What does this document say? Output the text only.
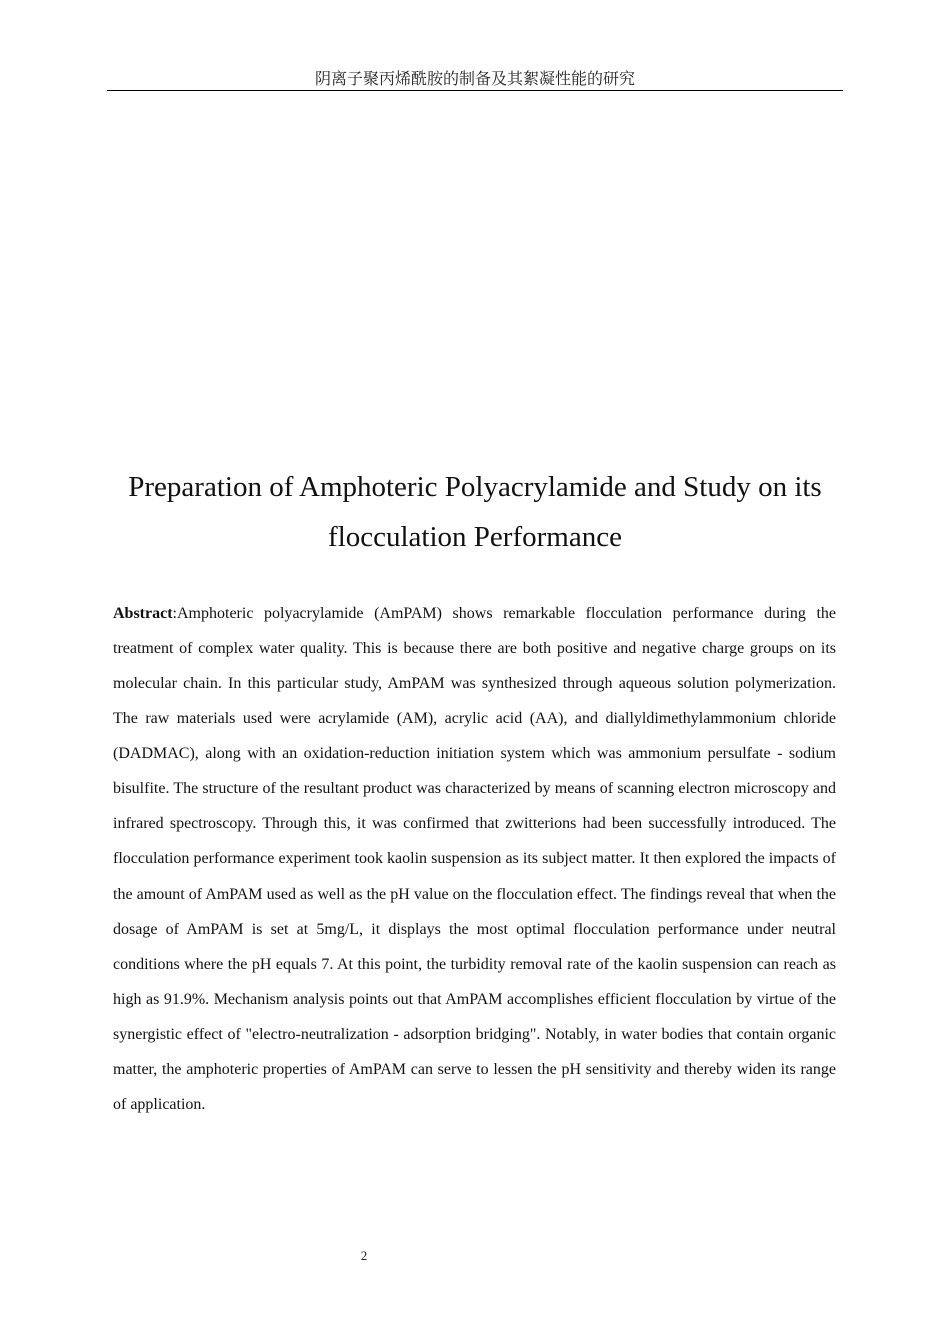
阴离子聚丙烯酰胺的制备及其絮凝性能的研究
Preparation of Amphoteric Polyacrylamide and Study on its
flocculation Performance
Abstract:Amphoteric polyacrylamide (AmPAM) shows remarkable flocculation performance during the treatment of complex water quality. This is because there are both positive and negative charge groups on its molecular chain. In this particular study, AmPAM was synthesized through aqueous solution polymerization. The raw materials used were acrylamide (AM), acrylic acid (AA), and diallyldimethylammonium chloride (DADMAC), along with an oxidation-reduction initiation system which was ammonium persulfate - sodium bisulfite. The structure of the resultant product was characterized by means of scanning electron microscopy and infrared spectroscopy. Through this, it was confirmed that zwitterions had been successfully introduced. The flocculation performance experiment took kaolin suspension as its subject matter. It then explored the impacts of the amount of AmPAM used as well as the pH value on the flocculation effect. The findings reveal that when the dosage of AmPAM is set at 5mg/L, it displays the most optimal flocculation performance under neutral conditions where the pH equals 7. At this point, the turbidity removal rate of the kaolin suspension can reach as high as 91.9%. Mechanism analysis points out that AmPAM accomplishes efficient flocculation by virtue of the synergistic effect of "electro-neutralization - adsorption bridging". Notably, in water bodies that contain organic matter, the amphoteric properties of AmPAM can serve to lessen the pH sensitivity and thereby widen its range of application.
2
